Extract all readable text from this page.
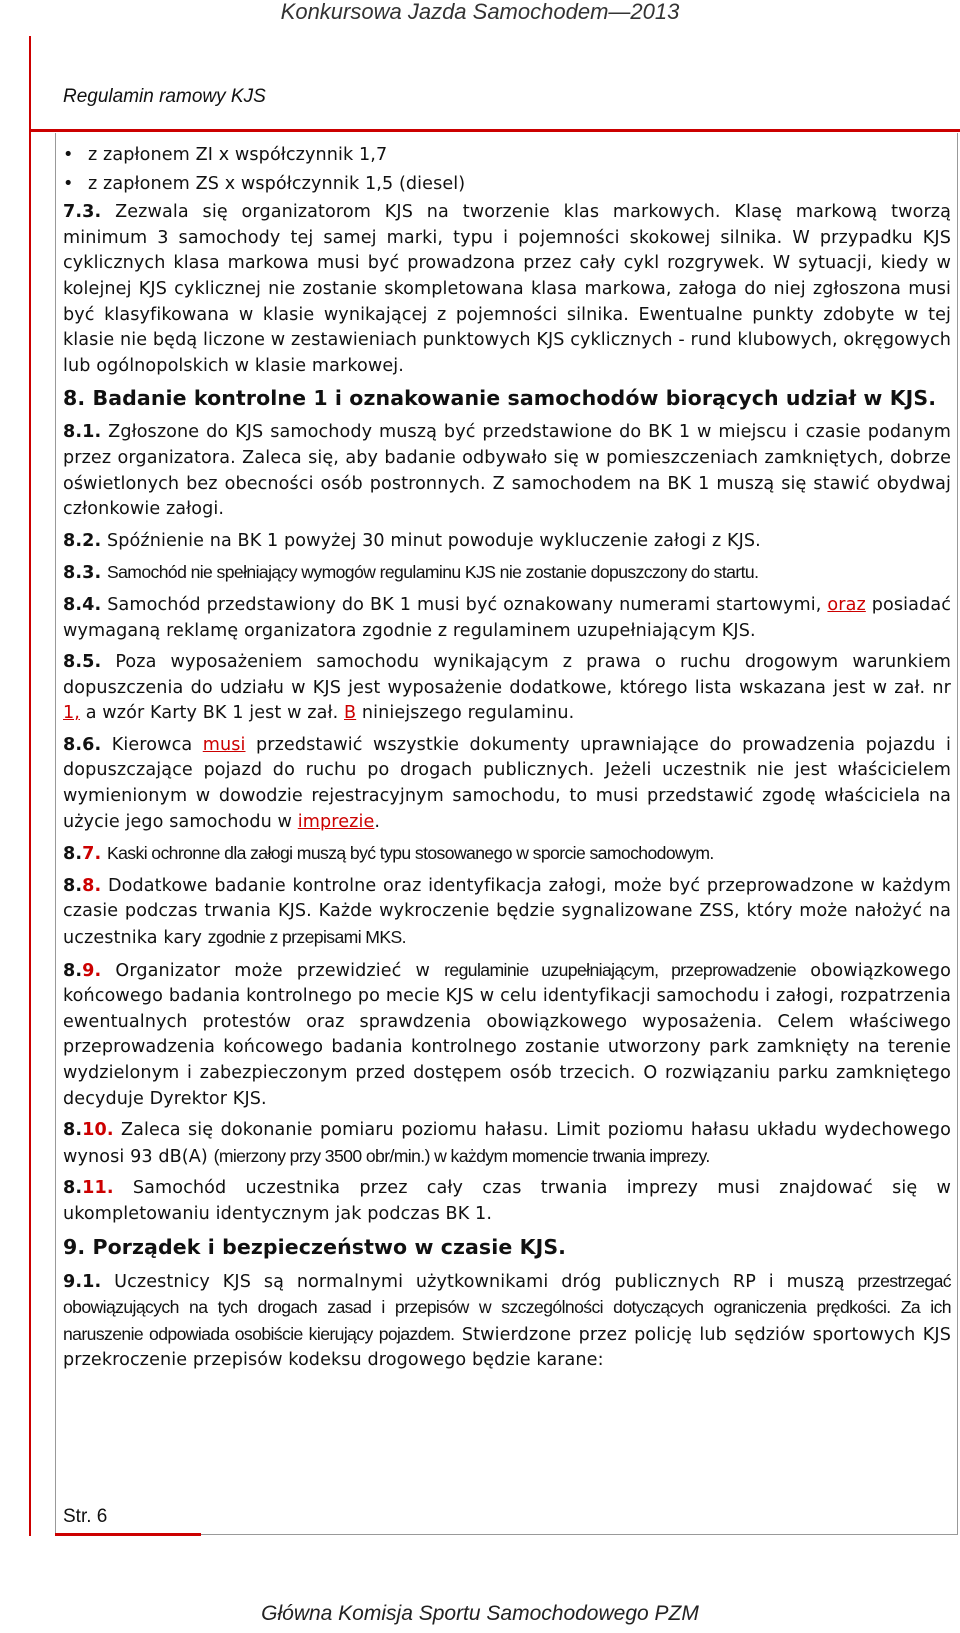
Konkursowa Jazda Samochodem—2013
Regulamin ramowy KJS
• z zapłonem ZI x współczynnik 1,7
• z zapłonem ZS x współczynnik 1,5 (diesel)

7.3. Zezwala się organizatorom KJS na tworzenie klas markowych. Klasę markową tworzą minimum 3 samochody tej samej marki, typu i pojemności skokowej silnika. W przypadku KJS cyklicznych klasa markowa musi być prowadzona przez cały cykl rozgrywek. W sytuacji, kiedy w kolejnej KJS cyklicznej nie zostanie skompletowana klasa markowa, załoga do niej zgłoszona musi być klasyfikowana w klasie wynikającej z pojemności silnika. Ewentualne punkty zdobyte w tej klasie nie będą liczone w zestawieniach punktowych KJS cyklicznych - rund klubowych, okręgowych lub ogólnopolskich w klasie markowej.

8. Badanie kontrolne 1 i oznakowanie samochodów biorących udział w KJS.

8.1. Zgłoszone do KJS samochody muszą być przedstawione do BK 1 w miejscu i czasie podanym przez organizatora. Zaleca się, aby badanie odbywało się w pomieszczeniach zamkniętych, dobrze oświetlonych bez obecności osób postronnych. Z samochodem na BK 1 muszą się stawić obydwaj członkowie załogi.

8.2. Spóźnienie na BK 1 powyżej 30 minut powoduje wykluczenie załogi z KJS.

8.3. Samochód nie spełniający wymogów regulaminu KJS nie zostanie dopuszczony do startu.

8.4. Samochód przedstawiony do BK 1 musi być oznakowany numerami startowymi, oraz posiadać wymaganą reklamę organizatora zgodnie z regulaminem uzupełniającym KJS.

8.5. Poza wyposażeniem samochodu wynikającym z prawa o ruchu drogowym warunkiem dopuszczenia do udziału w KJS jest wyposażenie dodatkowe, którego lista wskazana jest w zał. nr 1, a wzór Karty BK 1 jest w zał. B niniejszego regulaminu.

8.6. Kierowca musi przedstawić wszystkie dokumenty uprawniające do prowadzenia pojazdu i dopuszczające pojazd do ruchu po drogach publicznych. Jeżeli uczestnik nie jest właścicielem wymienionym w dowodzie rejestracyjnym samochodu, to musi przedstawić zgodę właściciela na użycie jego samochodu w imprezie.

8.7. Kaski ochronne dla załogi muszą być typu stosowanego w sporcie samochodowym.

8.8. Dodatkowe badanie kontrolne oraz identyfikacja załogi, może być przeprowadzone w każdym czasie podczas trwania KJS. Każde wykroczenie będzie sygnalizowane ZSS, który może nałożyć na uczestnika kary zgodnie z przepisami MKS.

8.9. Organizator może przewidzieć w regulaminie uzupełniającym, przeprowadzenie obowiązkowego końcowego badania kontrolnego po mecie KJS w celu identyfikacji samochodu i załogi, rozpatrzenia ewentualnych protestów oraz sprawdzenia obowiązkowego wyposażenia. Celem właściwego przeprowadzenia końcowego badania kontrolnego zostanie utworzony park zamknięty na terenie wydzielonym i zabezpieczonym przed dostępem osób trzecich. O rozwiązaniu parku zamkniętego decyduje Dyrektor KJS.

8.10. Zaleca się dokonanie pomiaru poziomu hałasu. Limit poziomu hałasu układu wydechowego wynosi 93 dB(A) (mierzony przy 3500 obr/min.) w każdym momencie trwania imprezy.

8.11. Samochód uczestnika przez cały czas trwania imprezy musi znajdować się w ukompletowaniu identycznym jak podczas BK 1.

9. Porządek i bezpieczeństwo w czasie KJS.

9.1. Uczestnicy KJS są normalnymi użytkownikami dróg publicznych RP i muszą przestrzegać obowiązujących na tych drogach zasad i przepisów w szczególności dotyczących ograniczenia prędkości. Za ich naruszenie odpowiada osobiście kierujący pojazdem. Stwierdzone przez policję lub sędziów sportowych KJS przekroczenie przepisów kodeksu drogowego będzie karane:

Str. 6
Główna Komisja Sportu Samochodowego PZM
